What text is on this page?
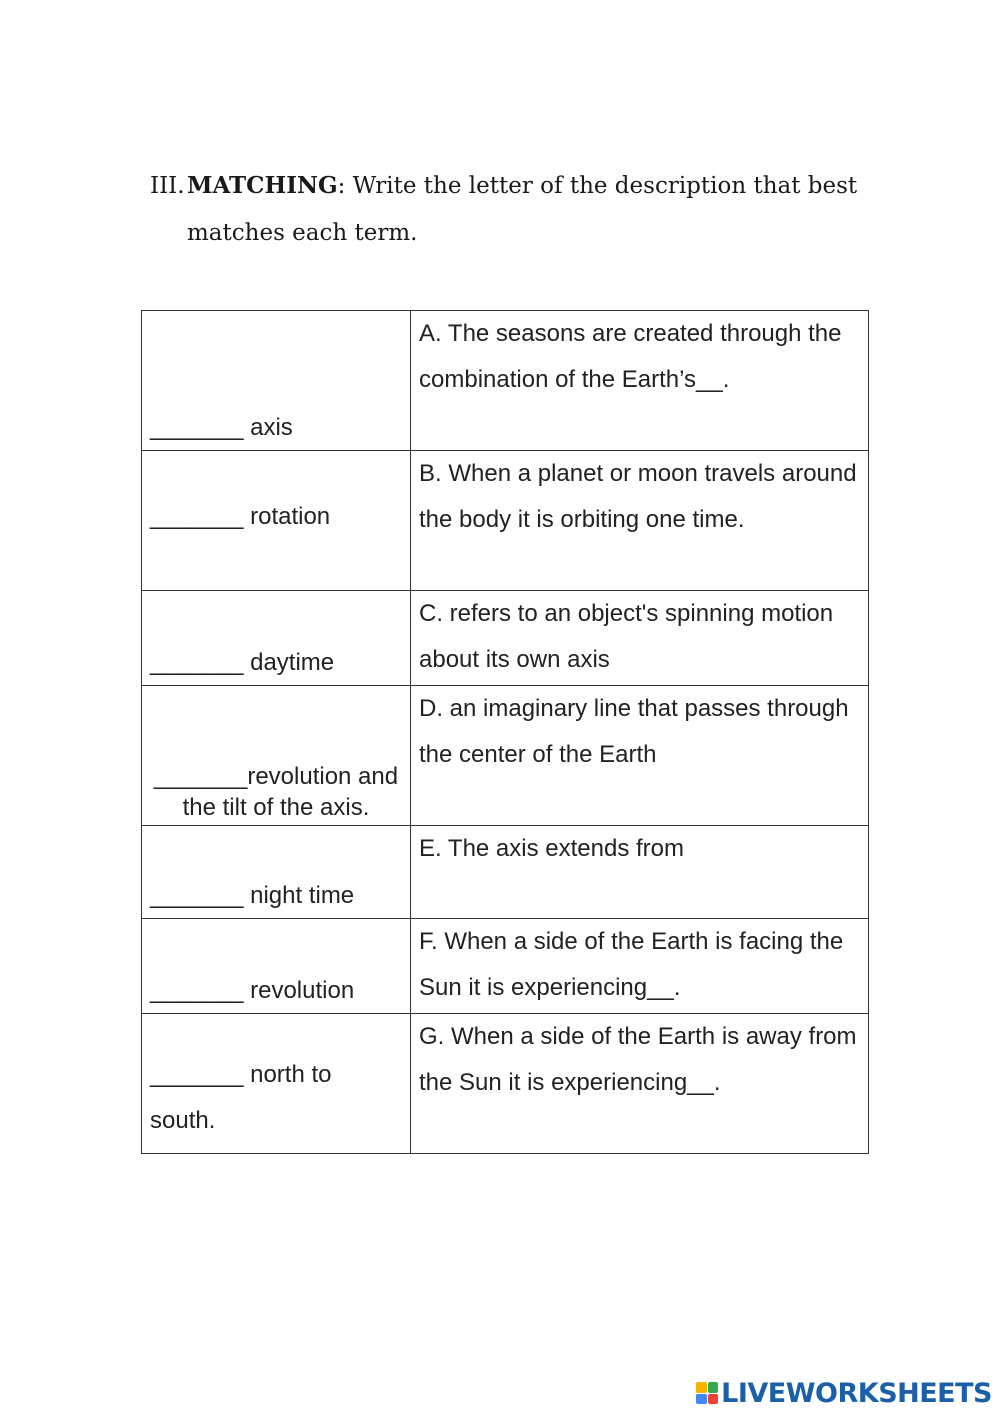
III. MATCHING: Write the letter of the description that best
matches each term.
_______ axis	A. The seasons are created through the combination of the Earth’s__.
_______ rotation	B. When a planet or moon travels around the body it is orbiting one time.
_______ daytime	C. refers to an object's spinning motion about its own axis
_______revolution and the tilt of the axis.	D. an imaginary line that passes through the center of the Earth
_______ night time	E. The axis extends from
_______ revolution	F. When a side of the Earth is facing the Sun it is experiencing__.
_______ north to south.	G. When a side of the Earth is away from the Sun it is experiencing__.
LIVEWORKSHEETS
